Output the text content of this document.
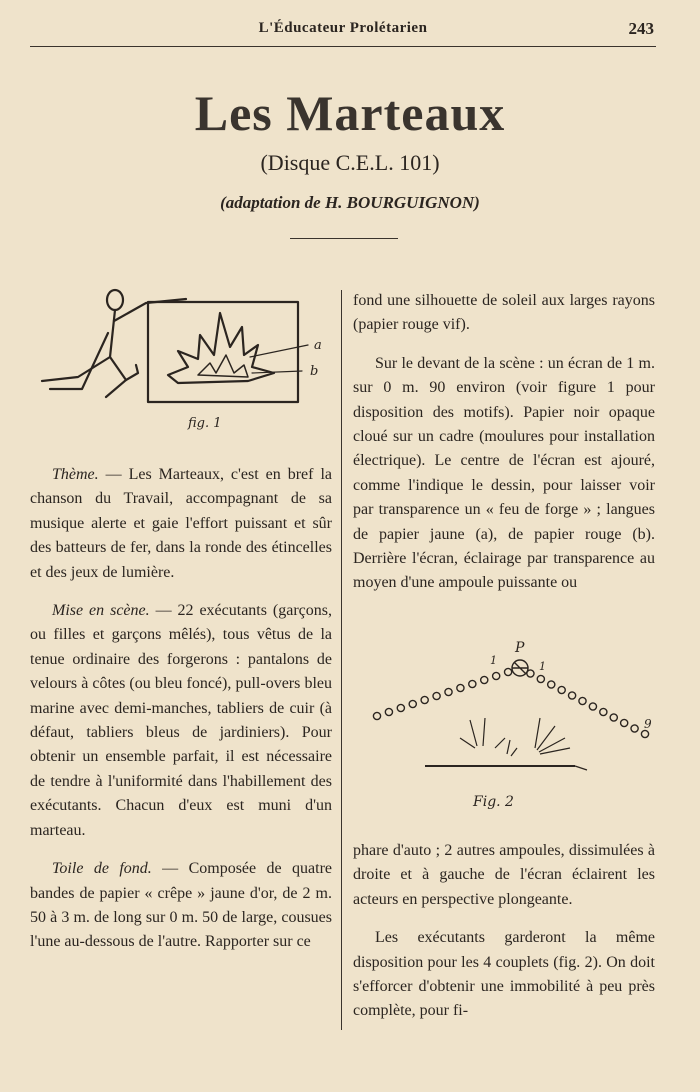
L'Éducateur Prolétarien	243
Les Marteaux
(Disque C.E.L. 101)
(adaptation de H. BOURGUIGNON)
a
b
fig. 1

Thème. — Les Marteaux, c'est en bref la chanson du Travail, accompagnant de sa musique alerte et gaie l'effort puissant et sûr des batteurs de fer, dans la ronde des étincelles et des jeux de lumière.

Mise en scène. — 22 exécutants (garçons, ou filles et garçons mêlés), tous vêtus de la tenue ordinaire des forgerons : pantalons de velours à côtes (ou bleu foncé), pull-overs bleu marine avec demi-manches, tabliers de cuir (à défaut, tabliers bleus de jardiniers). Pour obtenir un ensemble parfait, il est nécessaire de tendre à l'uniformité dans l'habillement des exécutants. Chacun d'eux est muni d'un marteau.

Toile de fond. — Composée de quatre bandes de papier « crêpe » jaune d'or, de 2 m. 50 à 3 m. de long sur 0 m. 50 de large, cousues l'une au-dessous de l'autre. Rapporter sur ce

fond une silhouette de soleil aux larges rayons (papier rouge vif).

Sur le devant de la scène : un écran de 1 m. sur 0 m. 90 environ (voir figure 1 pour disposition des motifs). Papier noir opaque cloué sur un cadre (moulures pour installation électrique). Le centre de l'écran est ajouré, comme l'indique le dessin, pour laisser voir par transparence un « feu de forge » ; langues de papier jaune (a), de papier rouge (b). Derrière l'écran, éclairage par transparence au moyen d'une ampoule puissante ou

P
1	1
9
Fig. 2

phare d'auto ; 2 autres ampoules, dissimulées à droite et à gauche de l'écran éclairent les acteurs en perspective plongeante.

Les exécutants garderont la même disposition pour les 4 couplets (fig. 2). On doit s'efforcer d'obtenir une immobilité à peu près complète, pour fi-
